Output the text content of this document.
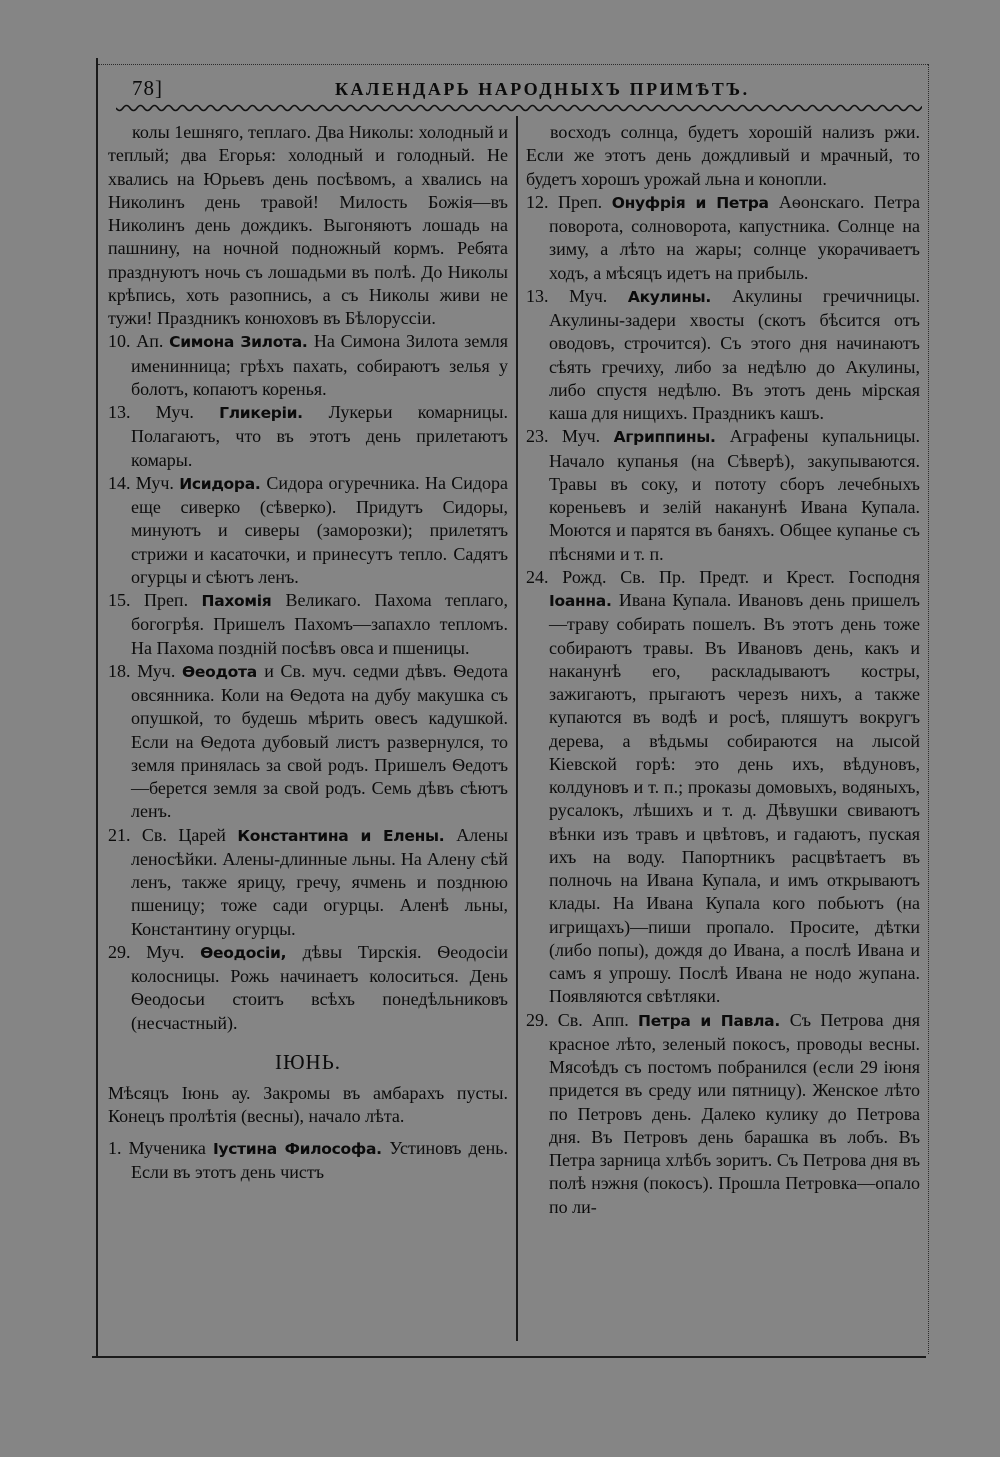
78]	КАЛЕНДАРЬ НАРОДНЫХЪ ПРИМѢТЪ.

колы 1ешняго, теплаго. Два Николы: холодный и теплый; два Егорья: холодный и голодный. Не хвались на Юрьевъ день посѣвомъ, а хвались на Николинъ день травой! Милость Божія—въ Николинъ день дождикъ. Выгоняютъ лошадь на пашнину, на ночной подножный кормъ. Ребята празднуютъ ночь съ лошадьми въ полѣ. До Николы крѣпись, хоть разопнись, а съ Николы живи не тужи! Праздникъ конюховъ въ Бѣлоруссіи.

10. Ап. Симона Зилота. На Симона Зилота земля именинница; грѣхъ пахать, собираютъ зелья у болотъ, копаютъ коренья.

13. Муч. Гликеріи. Лукерьи комарницы. Полагаютъ, что въ этотъ день прилетаютъ комары.

14. Муч. Исидора. Сидора огуречника. На Сидора еще сиверко (сѣверко). Придутъ Сидоры, минуютъ и сиверы (заморозки); прилетятъ стрижи и касаточки, и принесутъ тепло. Садятъ огурцы и сѣютъ ленъ.

15. Преп. Пахомія Великаго. Пахома теплаго, богогрѣя. Пришелъ Пахомъ—запахло тепломъ. На Пахома поздній посѣвъ овса и пшеницы.

18. Муч. Ѳеодота и Св. муч. седми дѣвъ. Ѳедота овсянника. Коли на Ѳедота на дубу макушка съ опушкой, то будешь мѣрить овесъ кадушкой. Если на Ѳедота дубовый листъ развернулся, то земля принялась за свой родъ. Пришелъ Ѳедотъ—берется земля за свой родъ. Семь дѣвъ сѣютъ ленъ.

21. Св. Царей Константина и Елены. Алены леносѣйки. Алены-длинные льны. На Алену сѣй ленъ, также ярицу, гречу, ячмень и позднюю пшеницу; тоже сади огурцы. Аленѣ льны, Константину огурцы.

29. Муч. Ѳеодосіи, дѣвы Тирскія. Ѳеодосіи колосницы. Рожь начинаетъ колоситься. День Ѳеодосьи стоитъ всѣхъ понедѣльниковъ (несчастный).

ІЮНЬ.

Мѣсяцъ Іюнь ау. Закромы въ амбарахъ пусты. Конецъ пролѣтія (весны), начало лѣта.

1. Мученика Іустина Философа. Устиновъ день. Если въ этотъ день чистъ

восходъ солнца, будетъ хорошій нализъ ржи. Если же этотъ день дождливый и мрачный, то будетъ хорошъ урожай льна и конопли.

12. Преп. Онуфрія и Петра Аѳонскаго. Петра поворота, солноворота, капустника. Солнце на зиму, а лѣто на жары; солнце укорачиваетъ ходъ, а мѣсяцъ идетъ на прибыль.

13. Муч. Акулины. Акулины гречичницы. Акулины-задери хвосты (скотъ бѣсится отъ оводовъ, строчится). Съ этого дня начинаютъ сѣять гречиху, либо за недѣлю до Акулины, либо спустя недѣлю. Въ этотъ день мірская каша для нищихъ. Праздникъ кашъ.

23. Муч. Агриппины. Аграфены купальницы. Начало купанья (на Сѣверѣ), закупываются. Травы въ соку, и пототу сборъ лечебныхъ кореньевъ и зелій наканунѣ Ивана Купала. Моются и парятся въ баняхъ. Общее купанье съ пѣснями и т. п.

24. Рожд. Св. Пр. Предт. и Крест. Господня Іоанна. Ивана Купала. Ивановъ день пришелъ—траву собирать пошелъ. Въ этотъ день тоже собираютъ травы. Въ Ивановъ день, какъ и наканунѣ его, раскладываютъ костры, зажигаютъ, прыгаютъ черезъ нихъ, а также купаются въ водѣ и росѣ, пляшутъ вокругъ дерева, а вѣдьмы собираются на лысой Кіевской горѣ: это день ихъ, вѣдуновъ, колдуновъ и т. п.; проказы домовыхъ, водяныхъ, русалокъ, лѣшихъ и т. д. Дѣвушки свиваютъ вѣнки изъ травъ и цвѣтовъ, и гадаютъ, пуская ихъ на воду. Папортникъ расцвѣтаетъ въ полночь на Ивана Купала, и имъ открываютъ клады. На Ивана Купала кого побьютъ (на игрищахъ)—пиши пропало. Просите, дѣтки (либо попы), дождя до Ивана, а послѣ Ивана и самъ я упрошу. Послѣ Ивана не нодо жупана. Появляются свѣтляки.

29. Св. Апп. Петра и Павла. Съ Петрова дня красное лѣто, зеленый покосъ, проводы весны. Мясоѣдъ съ постомъ побранился (если 29 іюня придется въ среду или пятницу). Женское лѣто по Петровъ день. Далеко кулику до Петрова дня. Въ Петровъ день барашка въ лобъ. Въ Петра зарница хлѣбъ зоритъ. Съ Петрова дня въ полѣ нэжня (покосъ). Прошла Петровка—опало по ли-
